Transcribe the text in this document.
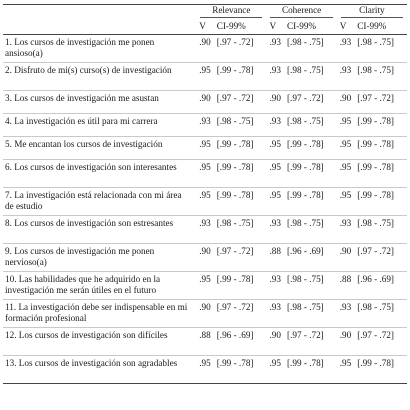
	Relevance		Coherence		Clarity	

	V	CI-99%	V	CI-99%	V	CI-99%
1. Los cursos de investigación me ponen ansioso(a)	.90	[.97 - .72]	.93	[.98 - .75]	.93	[.98 - .75]
2. Disfruto de mi(s) curso(s) de investigación	.95	[.99 - .78]	.93	[.98 - .75]	.93	[.98 - .75]
3. Los cursos de investigación me asustan	.90	[.97 - .72]	.90	[.97 - .72]	.90	[.97 - .72]
4. La investigación es útil para mi carrera	.93	[.98 - .75]	.93	[.98 - .75]	.95	[.99 - .78]
5. Me encantan los cursos de investigación	.95	[.99 - .78]	.95	[.99 - .78]	.95	[.99 - .78]
6. Los cursos de investigación son interesantes	.95	[.99 - .78]	.95	[.99 - .78]	.95	[.99 - .78]
7. La investigación está relacionada con mi área de estudio	.95	[.99 - .78]	.95	[.99 - .78]	.95	[.99 - .78]
8. Los cursos de investigación son estresantes	.93	[.98 - .75]	.93	[.98 - .75]	.93	[.98 - .75]
9. Los cursos de investigación me ponen nervioso(a)	.90	[.97 - .72]	.88	[.96 - .69]	.90	[.97 - .72]
10. Las habilidades que he adquirido en la investigación me serán útiles en el futuro	.95	[.99 - .78]	.93	[.98 - .75]	.88	[.96 - .69]
11. La investigación debe ser indispensable en mi formación profesional	.90	[.97 - .72]	.93	[.98 - .75]	.93	[.98 - .75]
12. Los cursos de investigación son difíciles	.88	[.96 - .69]	.90	[.97 - .72]	.90	[.97 - .72]
13. Los cursos de investigación son agradables	.95	[.99 - .78]	.95	[.99 - .78]	.95	[.99 - .78]
